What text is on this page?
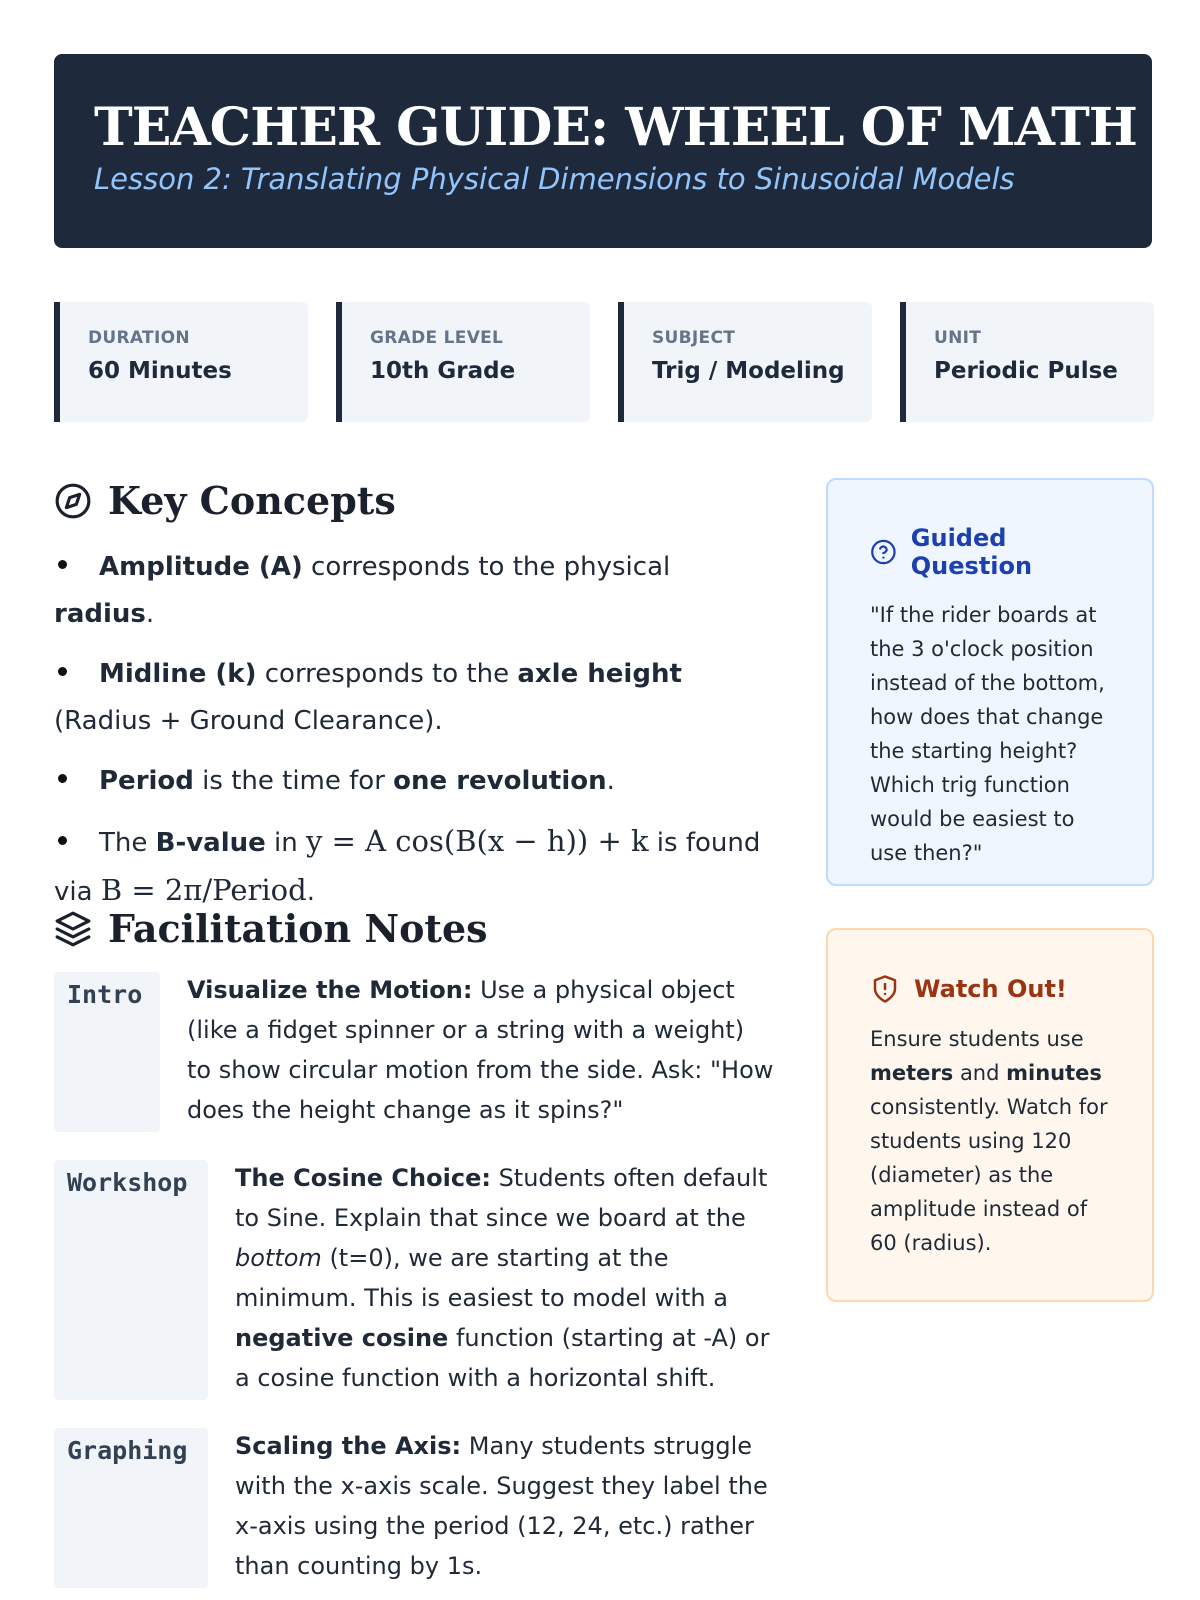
TEACHER GUIDE: WHEEL OF MATH
Lesson 2: Translating Physical Dimensions to Sinusoidal Models
DURATION
60 Minutes
GRADE LEVEL
10th Grade
SUBJECT
Trig / Modeling
UNIT
Periodic Pulse
Key Concepts
Amplitude (A) corresponds to the physical radius.
Midline (k) corresponds to the axle height (Radius + Ground Clearance).
Period is the time for one revolution.
The B-value in y = A cos(B(x − h)) + k is found via B = 2π/Period.
Facilitation Notes
Intro	Visualize the Motion: Use a physical object (like a fidget spinner or a string with a weight) to show circular motion from the side. Ask: "How does the height change as it spins?"
Workshop	The Cosine Choice: Students often default to Sine. Explain that since we board at the bottom (t=0), we are starting at the minimum. This is easiest to model with a negative cosine function (starting at -A) or a cosine function with a horizontal shift.
Graphing	Scaling the Axis: Many students struggle with the x-axis scale. Suggest they label the x-axis using the period (12, 24, etc.) rather than counting by 1s.
Guided Question
"If the rider boards at the 3 o'clock position instead of the bottom, how does that change the starting height? Which trig function would be easiest to use then?"
Watch Out!
Ensure students use meters and minutes consistently. Watch for students using 120 (diameter) as the amplitude instead of 60 (radius).
